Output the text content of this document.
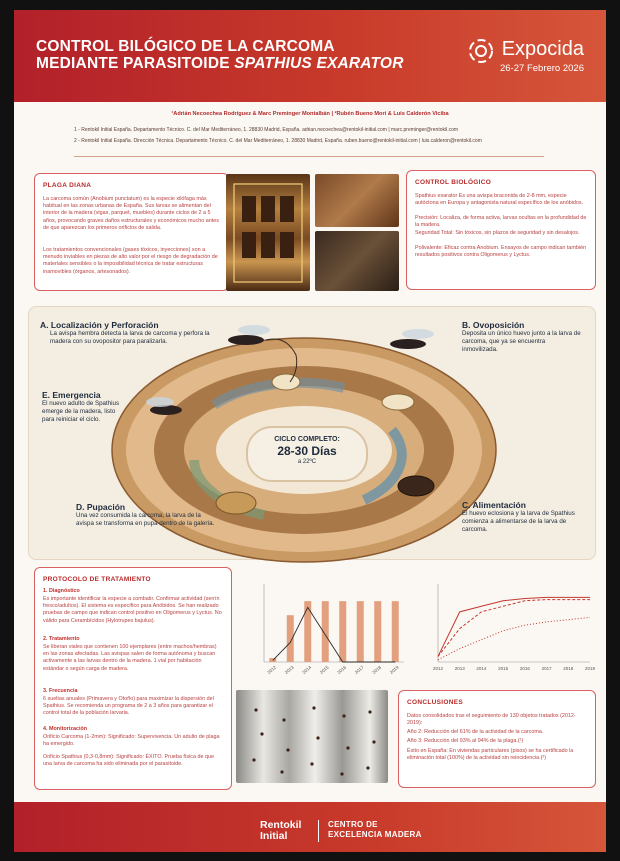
CONTROL BILÓGICO DE LA CARCOMA
MEDIANTE PARASITOIDE SPATHIUS EXARATOR
Expocida
26-27 Febrero 2026
¹Adrián Necoechea Rodríguez & Marc Preminger Montalbán | ²Rubén Bueno Mori & Luis Calderón Viciba
1 - Rentokil Initial España. Departamento Técnico. C. del Mar Mediterráneo, 1. 28830 Madrid, España. adrian.necoechea@rentokil-initial.com | marc.preminger@rentokil.com
2 - Rentokil Initial España. Dirección Técnica. Departamento Técnico. C. del Mar Mediterráneo, 1. 28830 Madrid, España. ruben.bueno@rentokil-initial.com | luis.calderon@rentokil.com
PLAGA DIANA
La carcoma común (Anobium punctatum) es la especie xilófaga más habitual en las zonas urbanas de España. Sus larvas se alimentan del interior de la madera (vigas, parquet, muebles) durante ciclos de 2 a 5 años, provocando graves daños estructurales y económicos mucho antes de que aparezcan los primeros orificios de salida.
Los tratamientos convencionales (gases tóxicos, inyecciones) son a menudo inviables en piezas de alto valor por el riesgo de degradación de materiales sensibles o la imposibilidad técnica de tratar estructuras inamovibles (órganos, artesonados).
CONTROL BIOLÓGICO
Spathius exarator Es una avispa braconida de 2-8 mm, especie autóctona en Europa y antagonista natural específico de los anóbidos.
Precisión: Localiza, de forma activa, larvas ocultas en la profundidad de la madera.
Seguridad Total: Sin tóxicos, sin plazos de seguridad y sin desalojos.
Polivalente: Eficaz contra Anobium. Ensayos de campo indican también resultados positivos contra Oligomerus y Lyctus.
A. Localización y Perforación
La avispa hembra detecta la larva de carcoma y perfora la madera con su ovopositor para paralizarla.
B. Ovoposición
Deposita un único huevo junto a la larva de carcoma, que ya se encuentra inmovilizada.
C. Alimentación
El huevo eclosiona y la larva de Spathius comienza a alimentarse de la larva de carcoma.
D. Pupación
Una vez consumida la carcoma, la larva de la avispa se transforma en pupa dentro de la galería.
E. Emergencia
El nuevo adulto de Spathius emerge de la madera, listo para reiniciar el ciclo.
CICLO COMPLETO:
28-30 Días
a 22ºC
PROTOCOLO DE TRATAMIENTO
1. Diagnóstico
Es importante identificar la especie a combatir. Confirmar actividad (serrín fresco/adultos). El sistema es específico para Anóbidos. Se han realizado pruebas de campo que indican control positivo en Oligomerus y Lyctus. No válido para Cerambícidos (Hylotrupes bajulus).
2. Tratamiento
Se liberan viales que contienen 100 ejemplares (entre machos/hembras) en las zonas afectadas. Las avispas salen de forma autónoma y buscan activamente a las larvas dentro de la madera. 1 vial por habitación estándar o según carga de madera.
3. Frecuencia
6 sueltas anuales (Primavera y Otoño) para maximizar la dispersión del Spathius. Se recomienda un programa de 2 a 3 años para garantizar el control total de la población larvaria.
4. Monitorización
Orificio Carcoma (1-2mm): Significado: Supervivencia. Un adulto de plaga ha emergido.
Orificio Spathius (0,3-0,8mm): Significado: ÉXITO. Prueba física de que una larva de carcoma ha sido eliminada por el parasitoide.
2012 2013 2014 2015 2016 2017 2018 2019	2012	2013	2014	2015	2016	2017	2018	2019
CONCLUSIONES
Datos consolidados tras el seguimiento de 130 objetos tratados (2012-2019):
Año 2: Reducción del 61% de la actividad de la carcoma.
Año 3: Reducción del 93% al 94% de la plaga.(¹)
Éxito en España: En viviendas particulares (pisos) se ha certificado la eliminación total (100%) de la actividad sin reincidencia.(²)
Rentokil
Initial
CENTRO DE
EXCELENCIA MADERA
